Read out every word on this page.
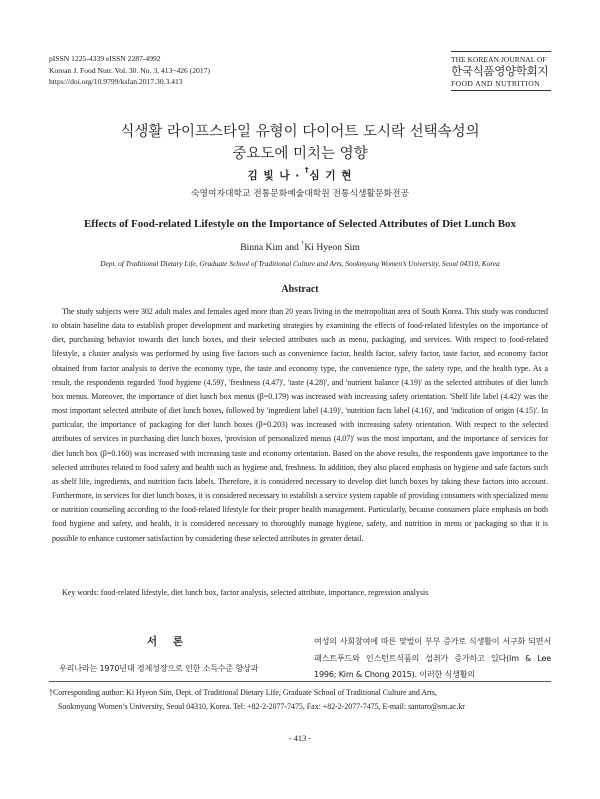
pISSN 1225-4339 eISSN 2287-4992
Korean J. Food Nutr. Vol. 30. No. 3, 413~426 (2017)
https://doi.org/10.9799/ksfan.2017.30.3.413
THE KOREAN JOURNAL OF
한국식품영양학회지
FOOD AND NUTRITION
식생활 라이프스타일 유형이 다이어트 도시락 선택속성의
중요도에 미치는 영향
김 빛 나 · †심 기 현
숙명여자대학교 전통문화예술대학원 전통식생활문화전공
Effects of Food-related Lifestyle on the Importance of Selected Attributes of Diet Lunch Box
Binna Kim and †Ki Hyeon Sim
Dept. of Traditional Dietary Life, Graduate School of Traditional Culture and Arts, Sookmyung Women’s University, Seoul 04310, Korea
Abstract
The study subjects were 302 adult males and females aged more than 20 years living in the metropolitan area of South Korea. This study was conducted to obtain baseline data to establish proper development and marketing strategies by examining the effects of food-related lifestyles on the importance of diet, purchasing behavior towards diet lunch boxes, and their selected attributes such as menu, packaging, and services. With respect to food-related lifestyle, a cluster analysis was performed by using five factors such as convenience factor, health factor, safety factor, taste factor, and economy factor obtained from factor analysis to derive the economy type, the taste and economy type, the convenience type, the safety type, and the health type. As a result, the respondents regarded 'food hygiene (4.59)', 'freshness (4.47)', 'taste (4.28)', and 'nutrient balance (4.19)' as the selected attributes of diet lunch box menus. Moreover, the importance of diet lunch box menus (β=0.179) was increased with increasing safety orientation. 'Shelf life label (4.42)' was the most important selected attribute of diet lunch boxes, followed by 'ingredient label (4.19)', 'nutrition facts label (4.16)', and 'indication of origin (4.15)'. In particular, the importance of packaging for diet lunch boxes (β=0.203) was increased with increasing safety orientation. With respect to the selected attributes of services in purchasing diet lunch boxes, 'provision of personalized menus (4.07)' was the most important, and the importance of services for diet lunch box (β=0.160) was increased with increasing taste and economy orientation. Based on the above results, the respondents gave importance to the selected attributes related to food safety and health such as hygiene and, freshness. In addition, they also placed emphasis on hygiene and safe factors such as shelf life, ingredients, and nutrition facts labels. Therefore, it is considered necessary to develop diet lunch boxes by taking these factors into account. Furthermore, in services for diet lunch boxes, it is considered necessary to establish a service system capable of providing consumers with specialized menu or nutrition counseling according to the food-related lifestyle for their proper health management. Particularly, because consumers place emphasis on both food hygiene and safety, and health, it is considered necessary to thoroughly manage hygiene, safety, and nutrition in menu or packaging so that it is possible to enhance customer satisfaction by considering these selected attributes in greater detail.
Key words: food-related lifestyle, diet lunch box, factor analysis, selected attribute, importance, regression analysis
서 론
우리나라는 1970년대 경제성장으로 인한 소득수준 향상과
여성의 사회참여에 따른 맞벌이 부부 증가로 식생활이 서구화 되면서 패스트푸드와 인스턴트식품의 섭취가 증가하고 있다(Im & Lee 1996; Kim & Chong 2015). 이러한 식생활의
†Corresponding author: Ki Hyeon Sim, Dept. of Traditional Dietary Life, Graduate School of Traditional Culture and Arts,
Sookmyung Women’s University, Seoul 04310, Korea. Tel: +82-2-2077-7475, Fax: +82-2-2077-7475, E-mail: santaro@sm.ac.kr
- 413 -
